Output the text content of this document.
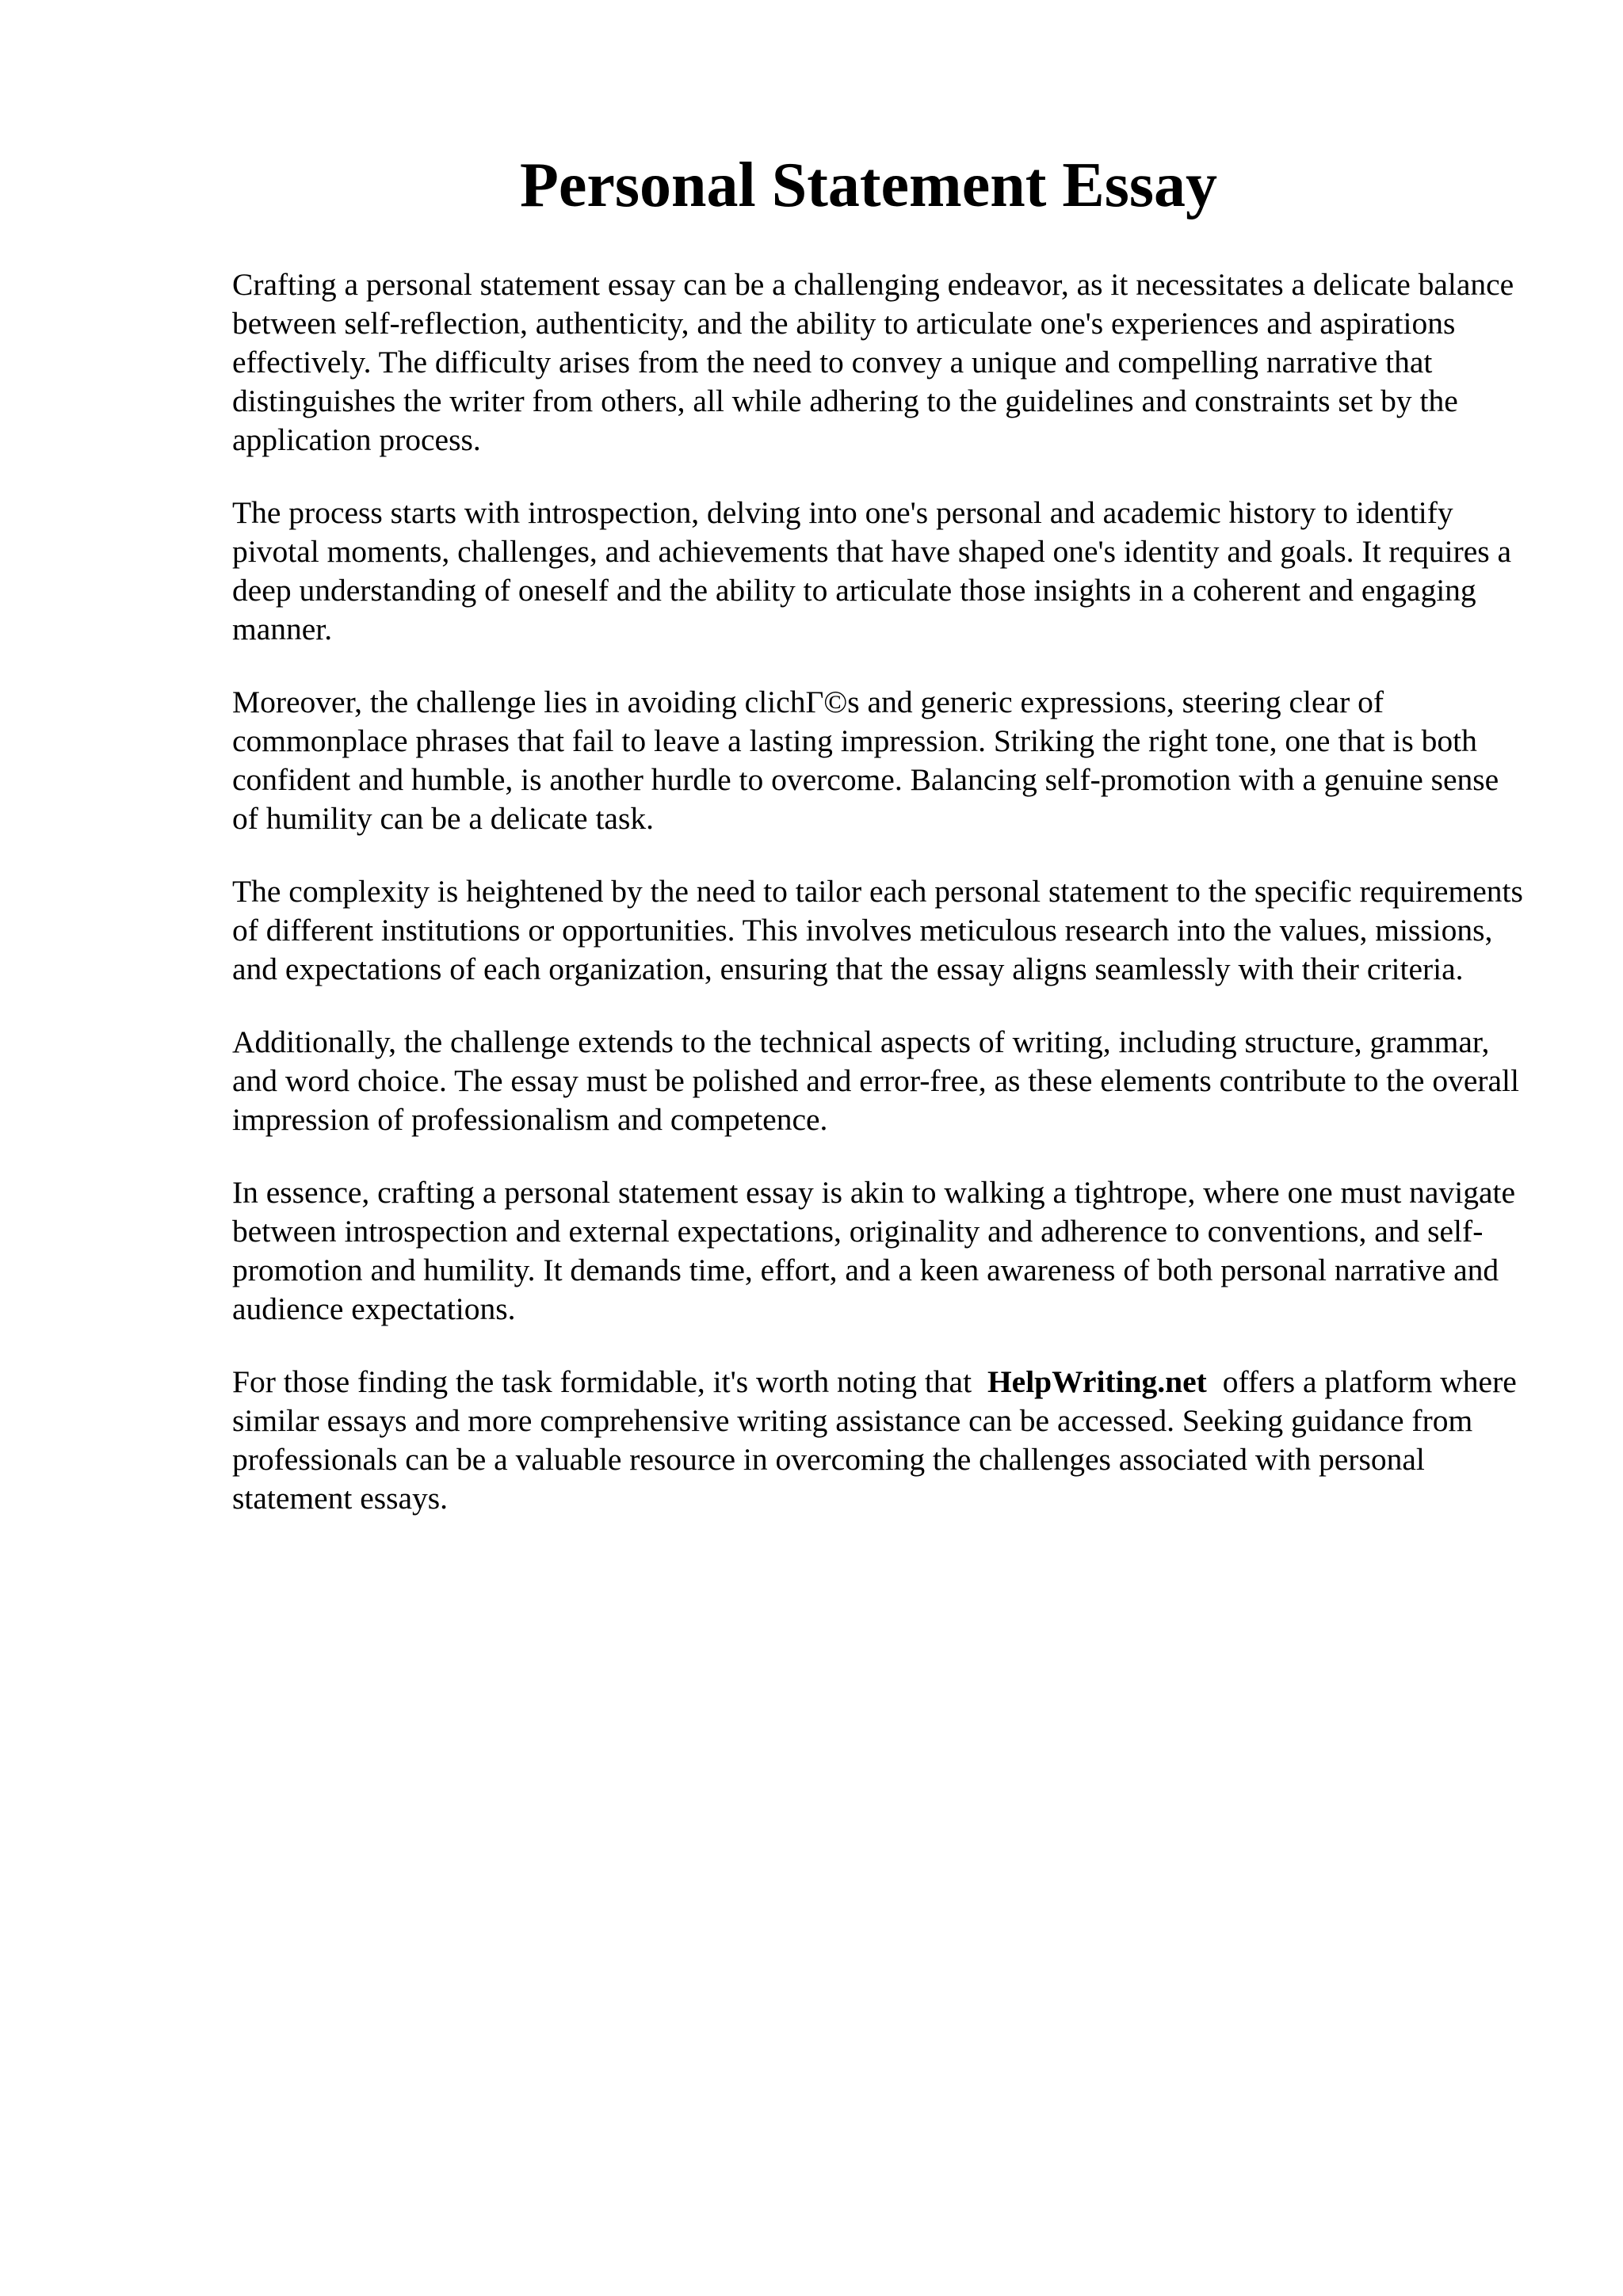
Personal Statement Essay

Crafting a personal statement essay can be a challenging endeavor, as it necessitates a delicate balance between self-reflection, authenticity, and the ability to articulate one's experiences and aspirations effectively. The difficulty arises from the need to convey a unique and compelling narrative that distinguishes the writer from others, all while adhering to the guidelines and constraints set by the application process.

The process starts with introspection, delving into one's personal and academic history to identify pivotal moments, challenges, and achievements that have shaped one's identity and goals. It requires a deep understanding of oneself and the ability to articulate those insights in a coherent and engaging manner.

Moreover, the challenge lies in avoiding clichΓ©s and generic expressions, steering clear of commonplace phrases that fail to leave a lasting impression. Striking the right tone, one that is both confident and humble, is another hurdle to overcome. Balancing self-promotion with a genuine sense of humility can be a delicate task.

The complexity is heightened by the need to tailor each personal statement to the specific requirements of different institutions or opportunities. This involves meticulous research into the values, missions, and expectations of each organization, ensuring that the essay aligns seamlessly with their criteria.

Additionally, the challenge extends to the technical aspects of writing, including structure, grammar, and word choice. The essay must be polished and error-free, as these elements contribute to the overall impression of professionalism and competence.

In essence, crafting a personal statement essay is akin to walking a tightrope, where one must navigate between introspection and external expectations, originality and adherence to conventions, and self-promotion and humility. It demands time, effort, and a keen awareness of both personal narrative and audience expectations.

For those finding the task formidable, it's worth noting that HelpWriting.net offers a platform where similar essays and more comprehensive writing assistance can be accessed. Seeking guidance from professionals can be a valuable resource in overcoming the challenges associated with personal statement essays.
